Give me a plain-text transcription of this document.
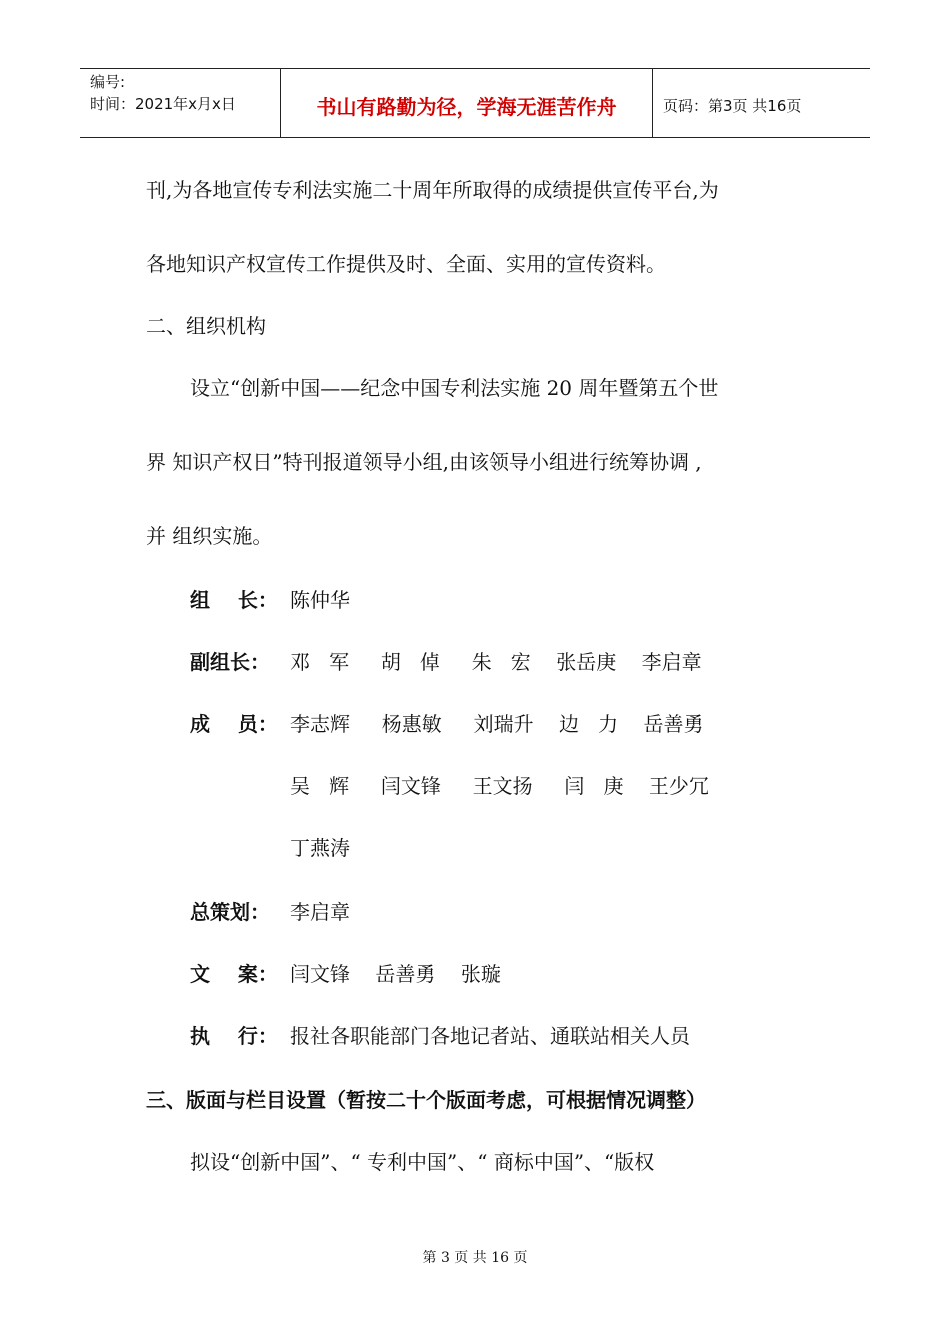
编号:
时间：2021年x月x日	书山有路勤为径，学海无涯苦作舟	页码：第3页 共16页
刊,为各地宣传专利法实施二十周年所取得的成绩提供宣传平台,为
各地知识产权宣传工作提供及时、全面、实用的宣传资料。
二、组织机构
设立“创新中国——纪念中国专利法实施 20 周年暨第五个世
界 知识产权日”特刊报道领导小组,由该领导小组进行统筹协调 ,
并 组织实施。
组    长： 陈仲华
副组长： 邓   军     胡   倬     朱   宏    张岳庚    李启章
成    员： 李志辉     杨惠敏     刘瑞升    边   力    岳善勇
吴   辉     闫文锋     王文扬     闫   庚    王少冗
丁燕涛
总策划： 李启章
文    案： 闫文锋    岳善勇    张璇
执    行： 报社各职能部门各地记者站、通联站相关人员
三、版面与栏目设置（暂按二十个版面考虑，可根据情况调整）
拟设“创新中国”、“ 专利中国”、“ 商标中国”、“版权
第 3 页 共 16 页
